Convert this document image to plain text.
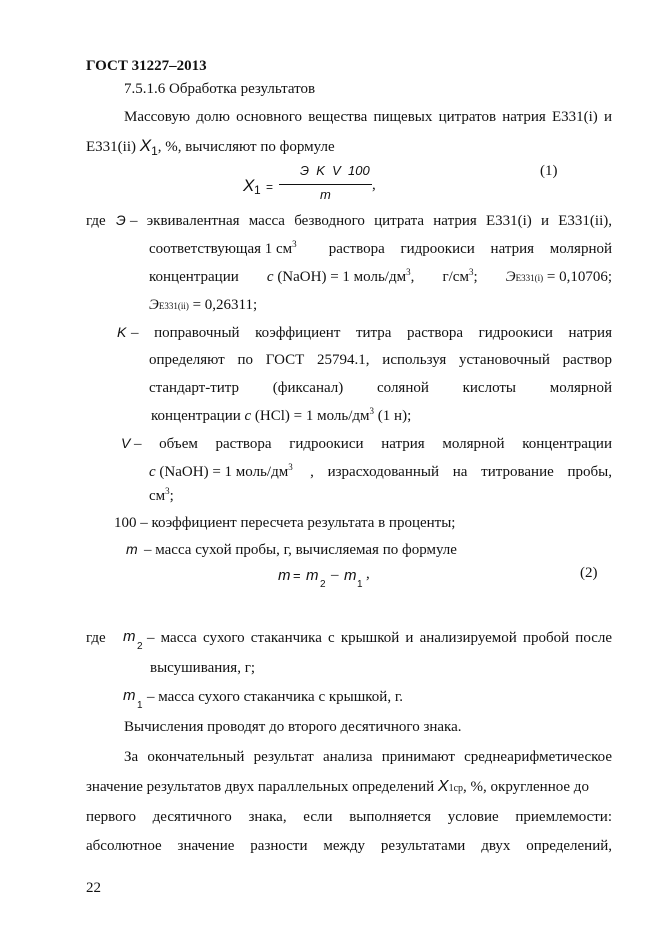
ГОСТ 31227–2013
7.5.1.6 Обработка результатов
Массовую долю основного вещества пищевых цитратов натрия Е331(i) и
Е331(ii) $X_1$, %, вычисляют по формуле
X 1 =
Э  K  V  100
m
,
(1)
где Э – эквивалентная масса безводного цитрата натрия Е331(i) и Е331(ii),
соответствующая 1 $см^3$ раствора гидроокиси натрия молярной
концентрации c (NaOH) = 1 моль/$дм^3$, $г/см^3$; ЭЕ331(i) = 0,10706;
ЭЕ331(ii) = 0,26311;
K – поправочный коэффициент титра раствора гидроокиси натрия
определяют по ГОСТ 25794.1, используя установочный раствор
стандарт-титр (фиксанал) соляной кислоты молярной
концентрации c (HCl) = 1 моль/$дм^3$ (1 н);
V – объем раствора гидроокиси натрия молярной концентрации
c (NaOH) = 1 моль/$дм^3$ , израсходованный на титрование пробы,
$см^3$;
100 – коэффициент пересчета результата в проценты;
m – масса сухой пробы, г, вычисляемая по формуле
m = m
2
– m
1
,	(2)
где m
2
– масса сухого стаканчика с крышкой и анализируемой пробой после
высушивания, г;
m
1
– масса сухого стаканчика с крышкой, г.
Вычисления проводят до второго десятичного знака.
За окончательный результат анализа принимают среднеарифметическое
значение результатов двух параллельных определений X1ср, %, округленное до
первого десятичного знака, если выполняется условие приемлемости:
абсолютное значение разности между результатами двух определений,
22
